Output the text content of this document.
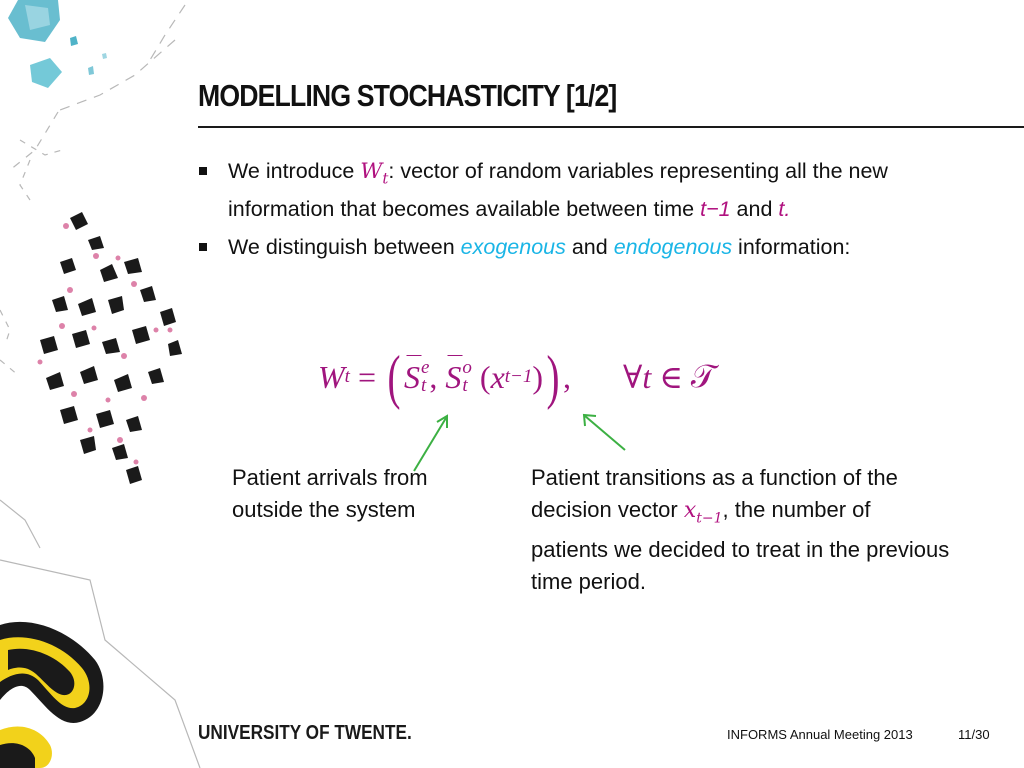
MODELLING STOCHASTICITY [1/2]
We introduce $W_t$: vector of random variables representing all the new information that becomes available between time t−1 and t.
We distinguish between exogenous and endogenous information:
W t = ( S e
t , S o
t ( x t−1 ) ) , ∀ t ∈ 𝒯
Patient arrivals from outside the system
Patient transitions as a function of the decision vector $x_{t-1}$, the number of patients we decided to treat in the previous time period.
UNIVERSITY OF TWENTE.	INFORMS Annual Meeting 2013	11/30
